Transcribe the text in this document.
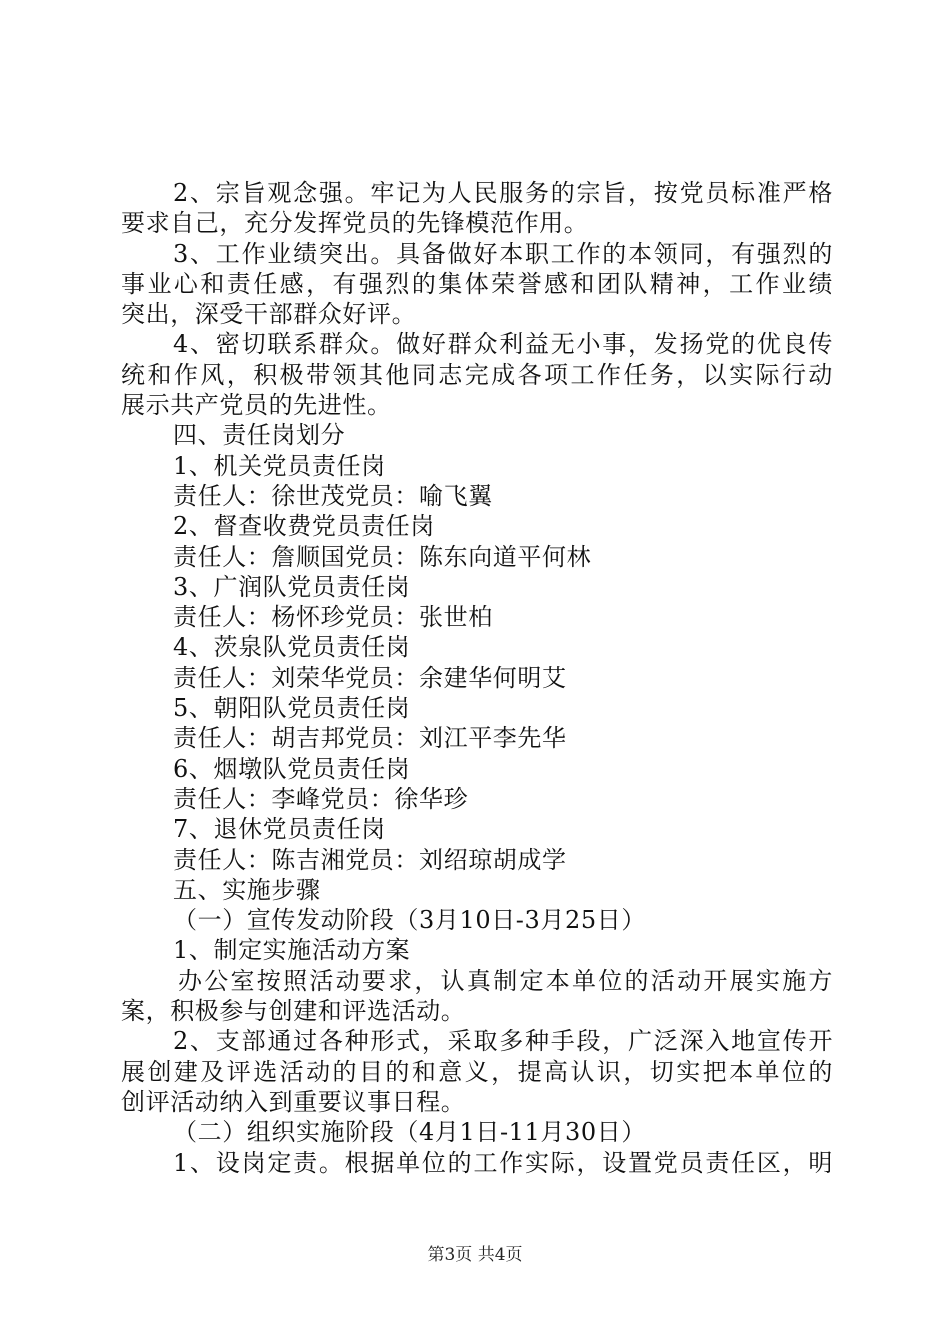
2、宗旨观念强。牢记为人民服务的宗旨，按党员标准严格
要求自己，充分发挥党员的先锋模范作用。
3、工作业绩突出。具备做好本职工作的本领同，有强烈的
事业心和责任感，有强烈的集体荣誉感和团队精神，工作业绩
突出，深受干部群众好评。
4、密切联系群众。做好群众利益无小事，发扬党的优良传
统和作风，积极带领其他同志完成各项工作任务，以实际行动
展示共产党员的先进性。
四、责任岗划分
1、机关党员责任岗
责任人：徐世茂党员：喻飞翼
2、督查收费党员责任岗
责任人：詹顺国党员：陈东向道平何林
3、广润队党员责任岗
责任人：杨怀珍党员：张世柏
4、茨泉队党员责任岗
责任人：刘荣华党员：余建华何明艾
5、朝阳队党员责任岗
责任人：胡吉邦党员：刘江平李先华
6、烟墩队党员责任岗
责任人：李峰党员：徐华珍
7、退休党员责任岗
责任人：陈吉湘党员：刘绍琼胡成学
五、实施步骤
（一）宣传发动阶段（3月10日-3月25日）
1、制定实施活动方案
办公室按照活动要求，认真制定本单位的活动开展实施方
案，积极参与创建和评选活动。
2、支部通过各种形式，采取多种手段，广泛深入地宣传开
展创建及评选活动的目的和意义，提高认识，切实把本单位的
创评活动纳入到重要议事日程。
（二）组织实施阶段（4月1日-11月30日）
1、设岗定责。根据单位的工作实际，设置党员责任区，明
第3页 共4页
